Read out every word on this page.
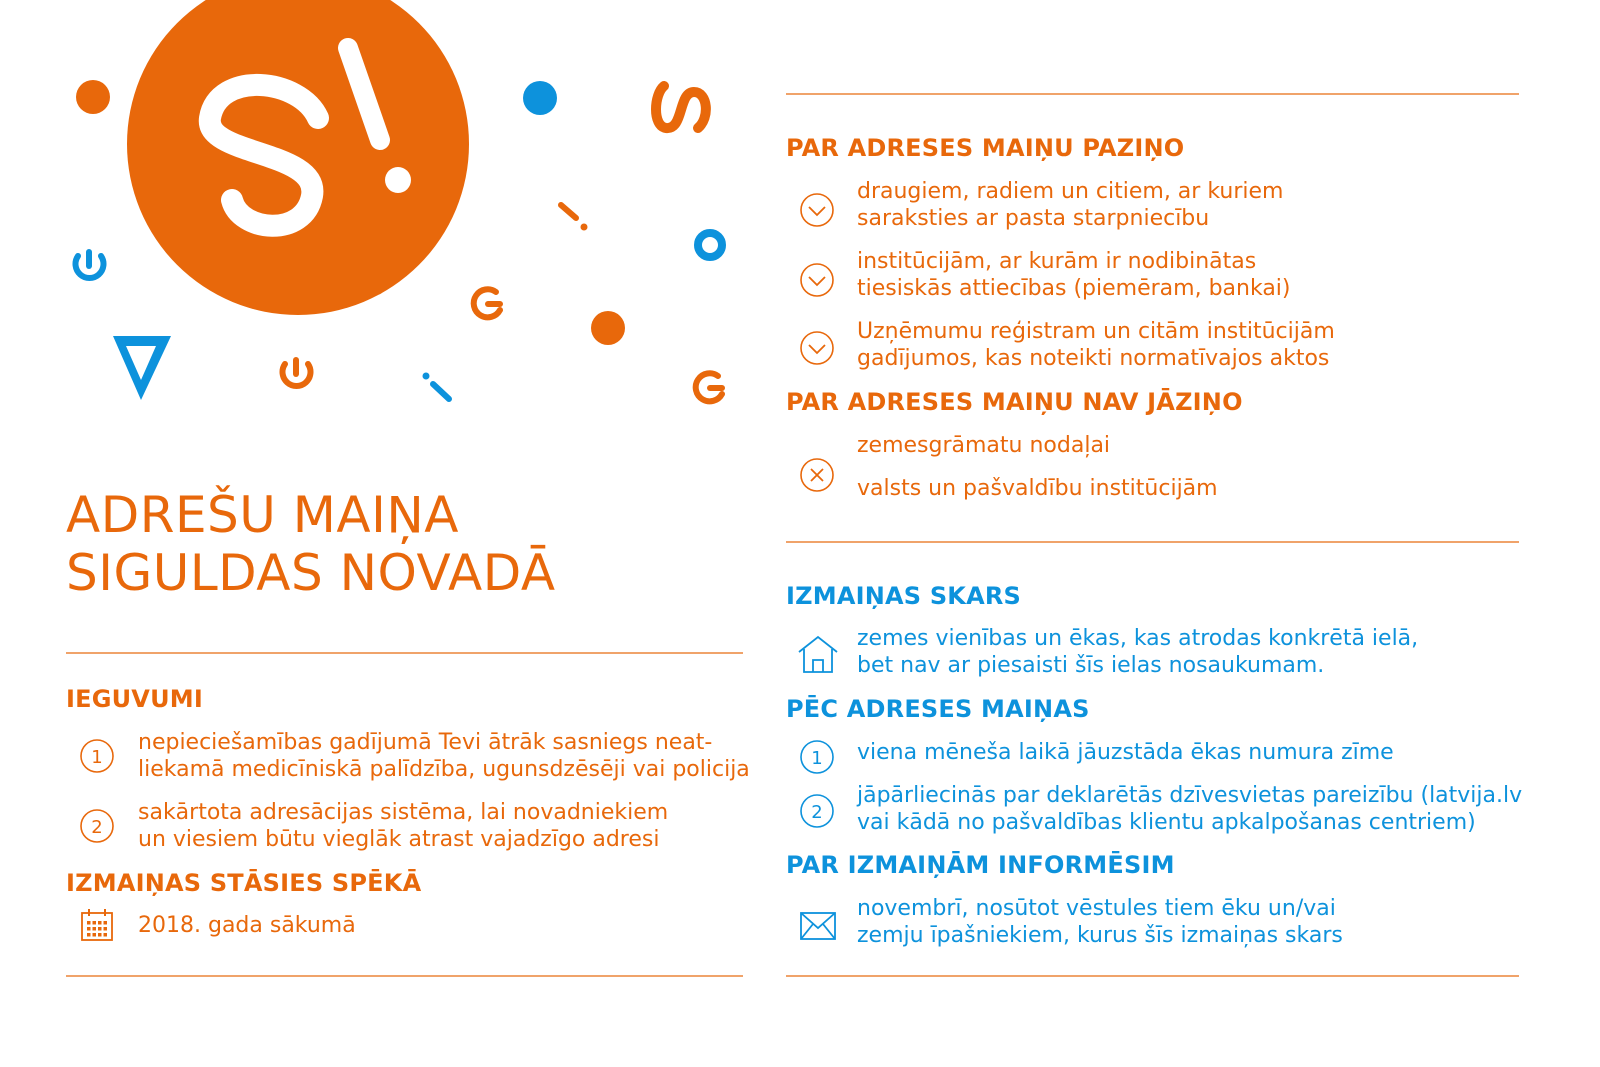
ADREŠU MAIŅA
SIGULDAS NOVADĀ
IEGUVUMI
1

nepieciešamības gadījumā Tevi ātrāk sasniegs neat-

liekamā medicīniskā palīdzība, ugunsdzēsēji vai policija

2

sakārtota adresācijas sistēma, lai novadniekiem

un viesiem būtu vieglāk atrast vajadzīgo adresi

IZMAIŅAS STĀSIES SPĒKĀ

2018. gada sākumā

PAR ADRESES MAIŅU PAZIŅO

draugiem, radiem un citiem, ar kuriem

saraksties ar pasta starpniecību

institūcijām, ar kurām ir nodibinātas

tiesiskās attiecības (piemēram, bankai)

Uzņēmumu reģistram un citām institūcijām

gadījumos, kas noteikti normatīvajos aktos

PAR ADRESES MAIŅU NAV JĀZIŅO

zemesgrāmatu nodaļai

valsts un pašvaldību institūcijām

IZMAIŅAS SKARS

zemes vienības un ēkas, kas atrodas konkrētā ielā,

bet nav ar piesaisti šīs ielas nosaukumam.

PĒC ADRESES MAIŅAS
1 viena mēneša laikā jāuzstāda ēkas numura zīme

2

jāpārliecinās par deklarētās dzīvesvietas pareizību (latvija.lv

vai kādā no pašvaldības klientu apkalpošanas centriem)

PAR IZMAIŅĀM INFORMĒSIM

novembrī, nosūtot vēstules tiem ēku un/vai

zemju īpašniekiem, kurus šīs izmaiņas skars
